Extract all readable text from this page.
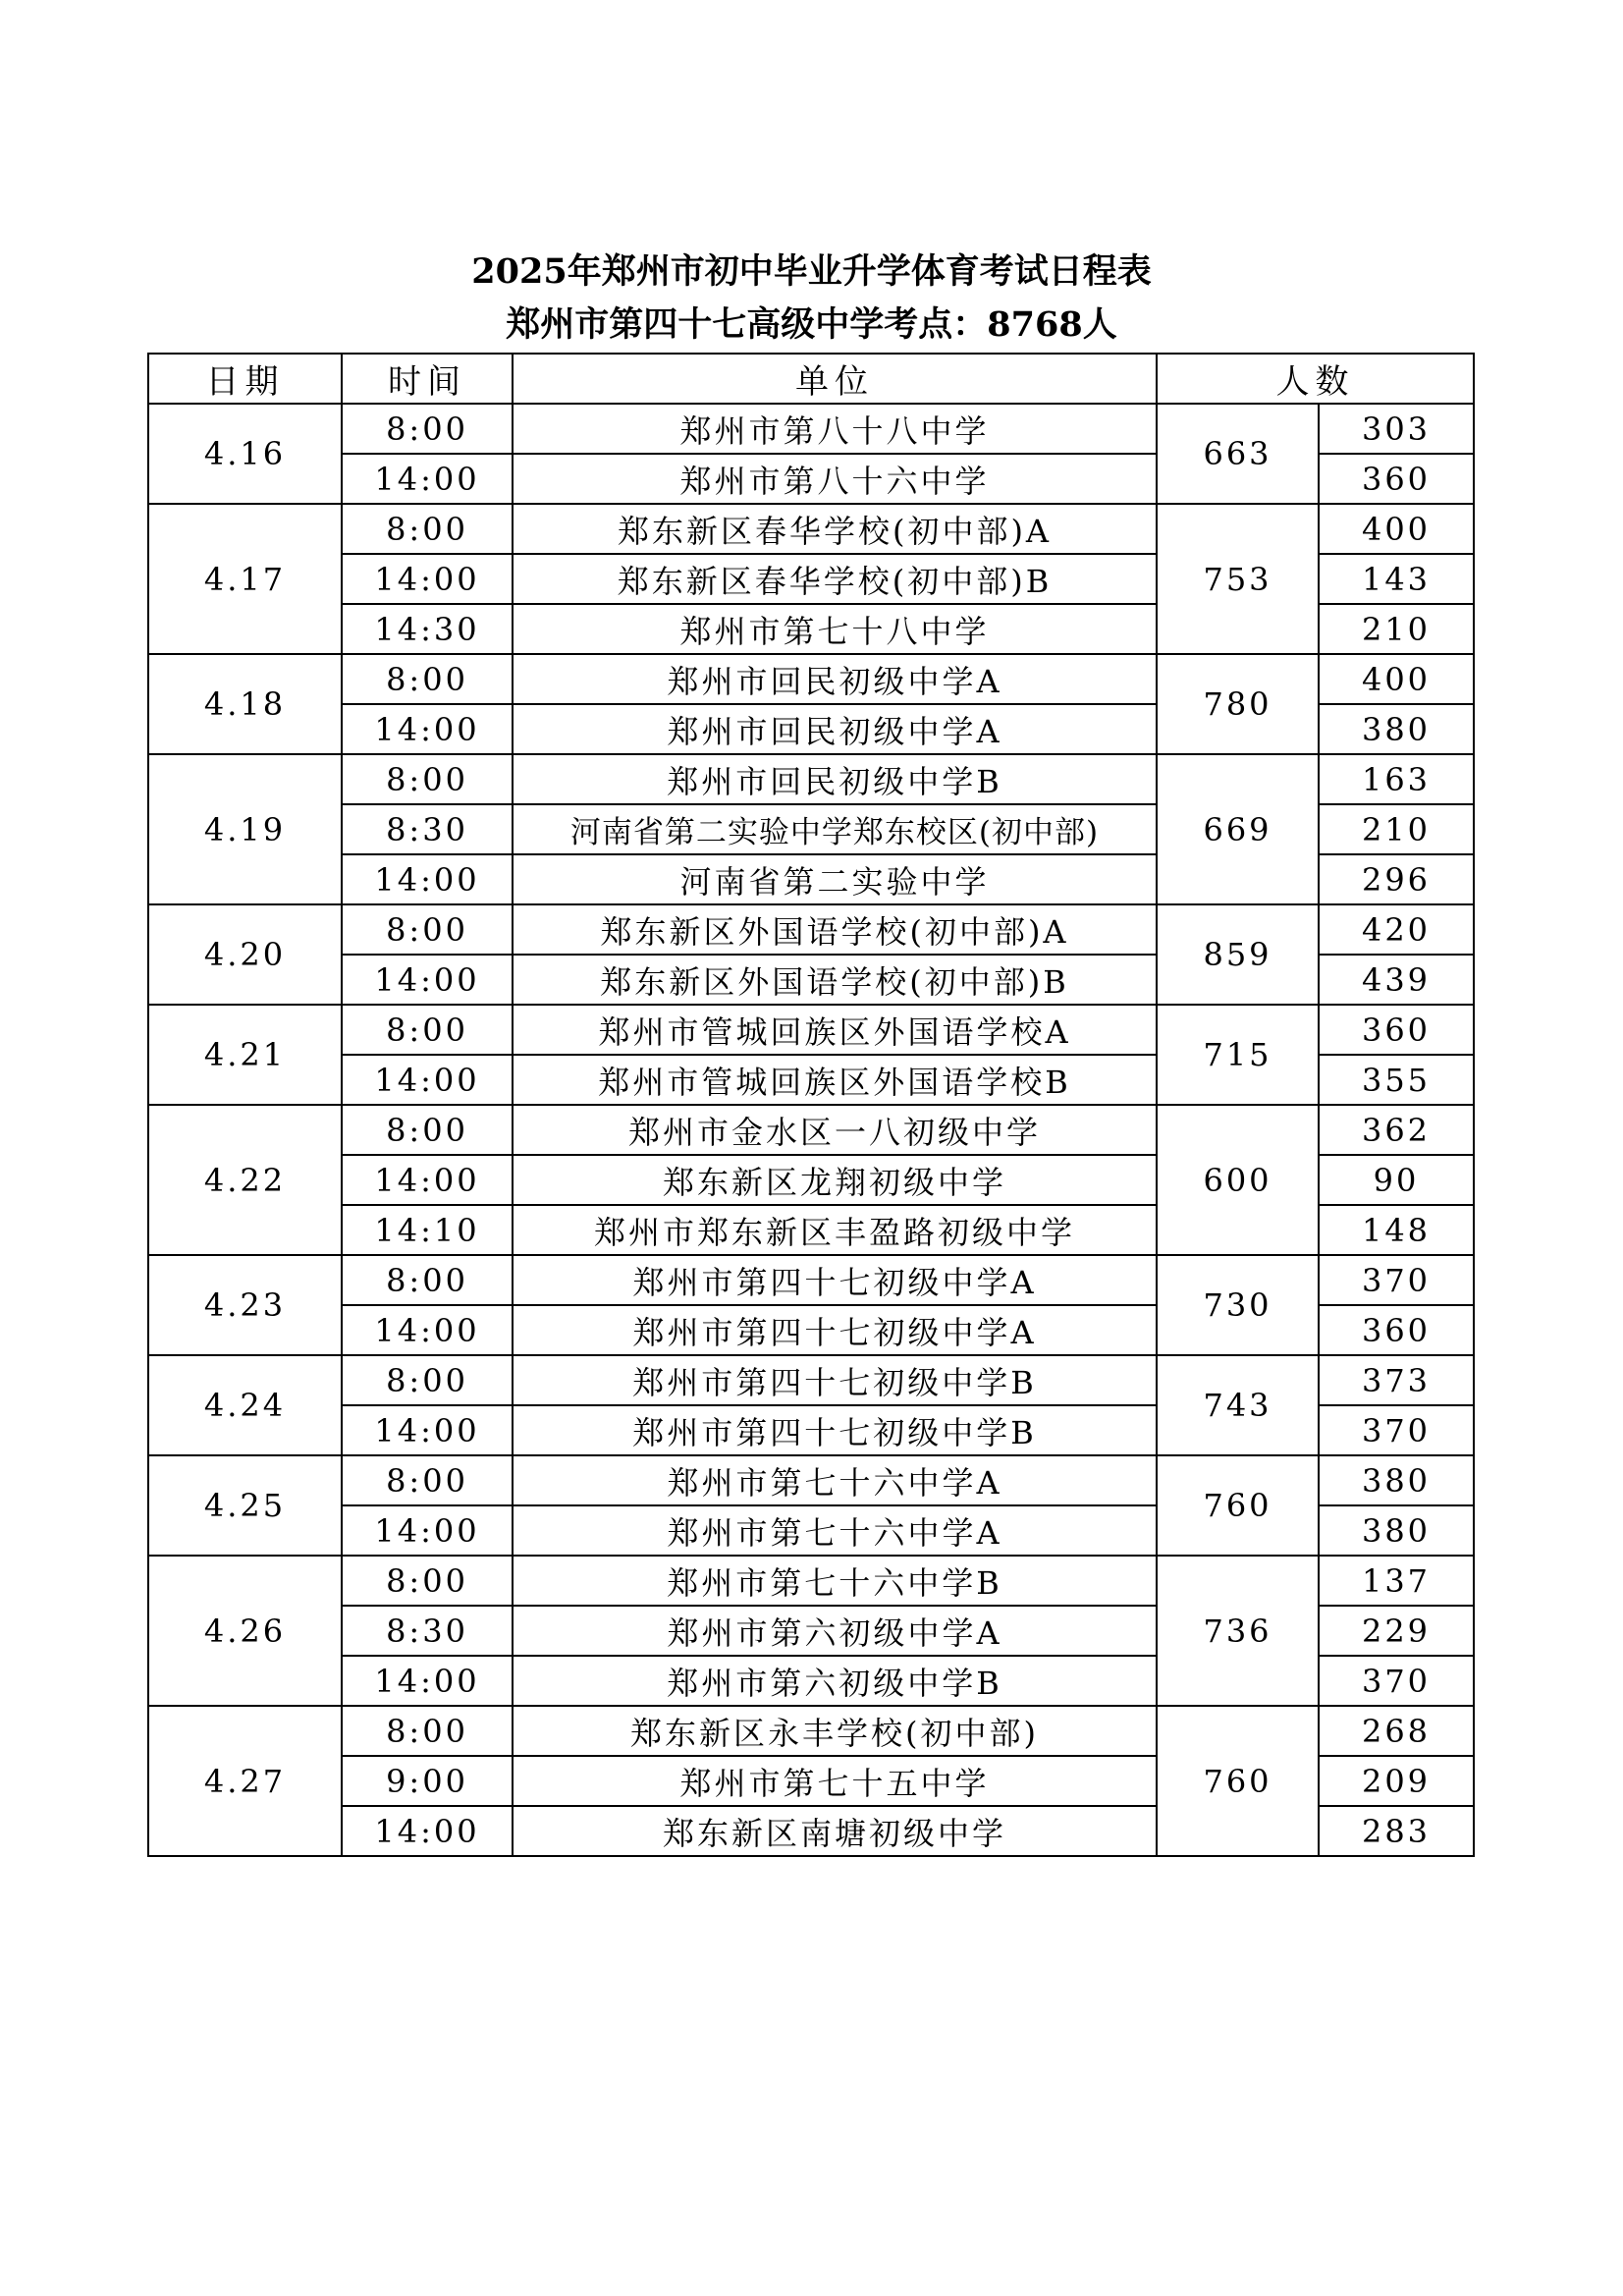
2025年郑州市初中毕业升学体育考试日程表
郑州市第四十七高级中学考点：8768人
日期	时间	单位	人数	
4.16	8:00	郑州市第八十八中学	663	303
	14:00	郑州市第八十六中学		360
4.17	8:00	郑东新区春华学校(初中部)A	753	400
	14:00	郑东新区春华学校(初中部)B		143
	14:30	郑州市第七十八中学		210
4.18	8:00	郑州市回民初级中学A	780	400
	14:00	郑州市回民初级中学A		380
4.19	8:00	郑州市回民初级中学B	669	163
	8:30	河南省第二实验中学郑东校区(初中部)		210
	14:00	河南省第二实验中学		296
4.20	8:00	郑东新区外国语学校(初中部)A	859	420
	14:00	郑东新区外国语学校(初中部)B		439
4.21	8:00	郑州市管城回族区外国语学校A	715	360
	14:00	郑州市管城回族区外国语学校B		355
4.22	8:00	郑州市金水区一八初级中学	600	362
	14:00	郑东新区龙翔初级中学		90
	14:10	郑州市郑东新区丰盈路初级中学		148
4.23	8:00	郑州市第四十七初级中学A	730	370
	14:00	郑州市第四十七初级中学A		360
4.24	8:00	郑州市第四十七初级中学B	743	373
	14:00	郑州市第四十七初级中学B		370
4.25	8:00	郑州市第七十六中学A	760	380
	14:00	郑州市第七十六中学A		380
4.26	8:00	郑州市第七十六中学B	736	137
	8:30	郑州市第六初级中学A		229
	14:00	郑州市第六初级中学B		370
4.27	8:00	郑东新区永丰学校(初中部)	760	268
	9:00	郑州市第七十五中学		209
	14:00	郑东新区南塘初级中学		283
